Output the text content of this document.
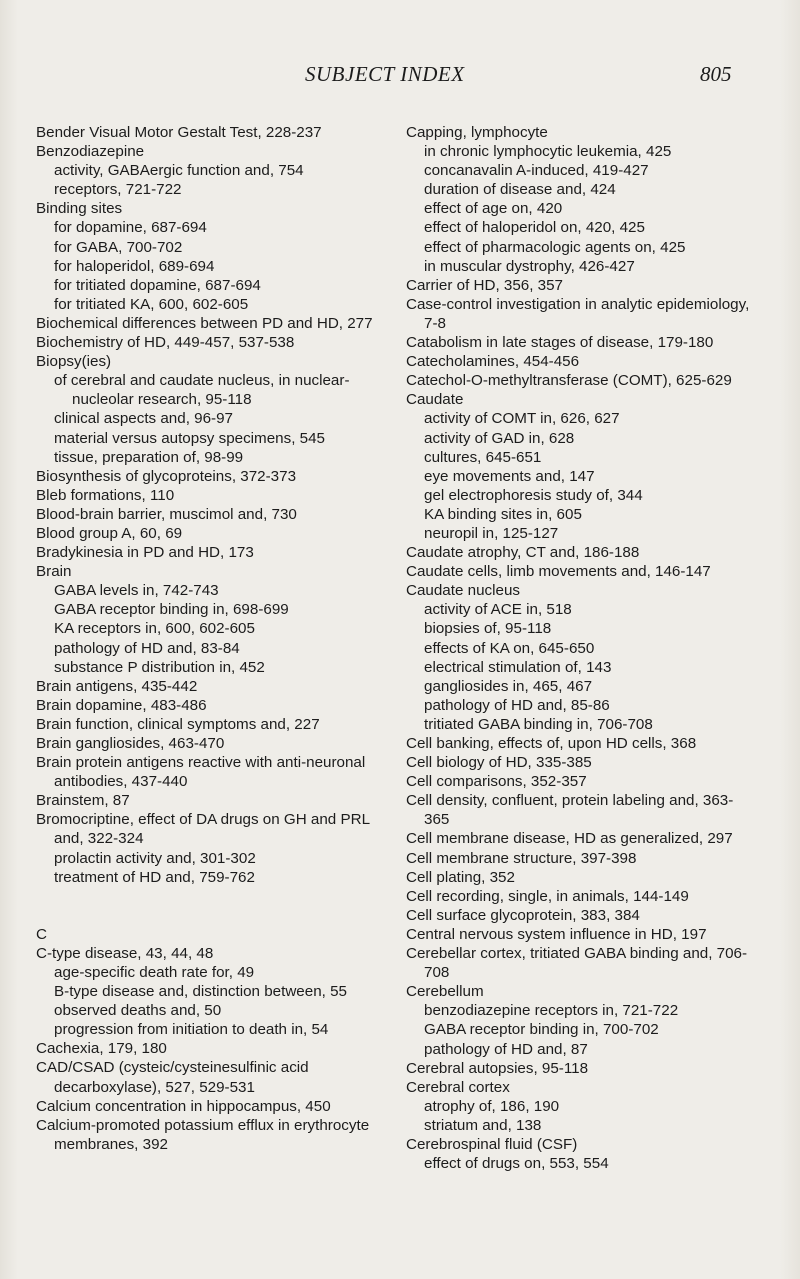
SUBJECT INDEX	805
Bender Visual Motor Gestalt Test, 228-237
Benzodiazepine
activity, GABAergic function and, 754
receptors, 721-722
Binding sites
for dopamine, 687-694
for GABA, 700-702
for haloperidol, 689-694
for tritiated dopamine, 687-694
for tritiated KA, 600, 602-605
Biochemical differences between PD and HD, 277
Biochemistry of HD, 449-457, 537-538
Biopsy(ies)
of cerebral and caudate nucleus, in nuclear-nucleolar research, 95-118
clinical aspects and, 96-97
material versus autopsy specimens, 545
tissue, preparation of, 98-99
Biosynthesis of glycoproteins, 372-373
Bleb formations, 110
Blood-brain barrier, muscimol and, 730
Blood group A, 60, 69
Bradykinesia in PD and HD, 173
Brain
GABA levels in, 742-743
GABA receptor binding in, 698-699
KA receptors in, 600, 602-605
pathology of HD and, 83-84
substance P distribution in, 452
Brain antigens, 435-442
Brain dopamine, 483-486
Brain function, clinical symptoms and, 227
Brain gangliosides, 463-470
Brain protein antigens reactive with anti-neuronal antibodies, 437-440
Brainstem, 87
Bromocriptine, effect of DA drugs on GH and PRL and, 322-324
prolactin activity and, 301-302
treatment of HD and, 759-762
C
C-type disease, 43, 44, 48
age-specific death rate for, 49
B-type disease and, distinction between, 55
observed deaths and, 50
progression from initiation to death in, 54
Cachexia, 179, 180
CAD/CSAD (cysteic/cysteinesulfinic acid decarboxylase), 527, 529-531
Calcium concentration in hippocampus, 450
Calcium-promoted potassium efflux in erythrocyte membranes, 392
Capping, lymphocyte
in chronic lymphocytic leukemia, 425
concanavalin A-induced, 419-427
duration of disease and, 424
effect of age on, 420
effect of haloperidol on, 420, 425
effect of pharmacologic agents on, 425
in muscular dystrophy, 426-427
Carrier of HD, 356, 357
Case-control investigation in analytic epidemiology, 7-8
Catabolism in late stages of disease, 179-180
Catecholamines, 454-456
Catechol-O-methyltransferase (COMT), 625-629
Caudate
activity of COMT in, 626, 627
activity of GAD in, 628
cultures, 645-651
eye movements and, 147
gel electrophoresis study of, 344
KA binding sites in, 605
neuropil in, 125-127
Caudate atrophy, CT and, 186-188
Caudate cells, limb movements and, 146-147
Caudate nucleus
activity of ACE in, 518
biopsies of, 95-118
effects of KA on, 645-650
electrical stimulation of, 143
gangliosides in, 465, 467
pathology of HD and, 85-86
tritiated GABA binding in, 706-708
Cell banking, effects of, upon HD cells, 368
Cell biology of HD, 335-385
Cell comparisons, 352-357
Cell density, confluent, protein labeling and, 363-365
Cell membrane disease, HD as generalized, 297
Cell membrane structure, 397-398
Cell plating, 352
Cell recording, single, in animals, 144-149
Cell surface glycoprotein, 383, 384
Central nervous system influence in HD, 197
Cerebellar cortex, tritiated GABA binding and, 706-708
Cerebellum
benzodiazepine receptors in, 721-722
GABA receptor binding in, 700-702
pathology of HD and, 87
Cerebral autopsies, 95-118
Cerebral cortex
atrophy of, 186, 190
striatum and, 138
Cerebrospinal fluid (CSF)
effect of drugs on, 553, 554
